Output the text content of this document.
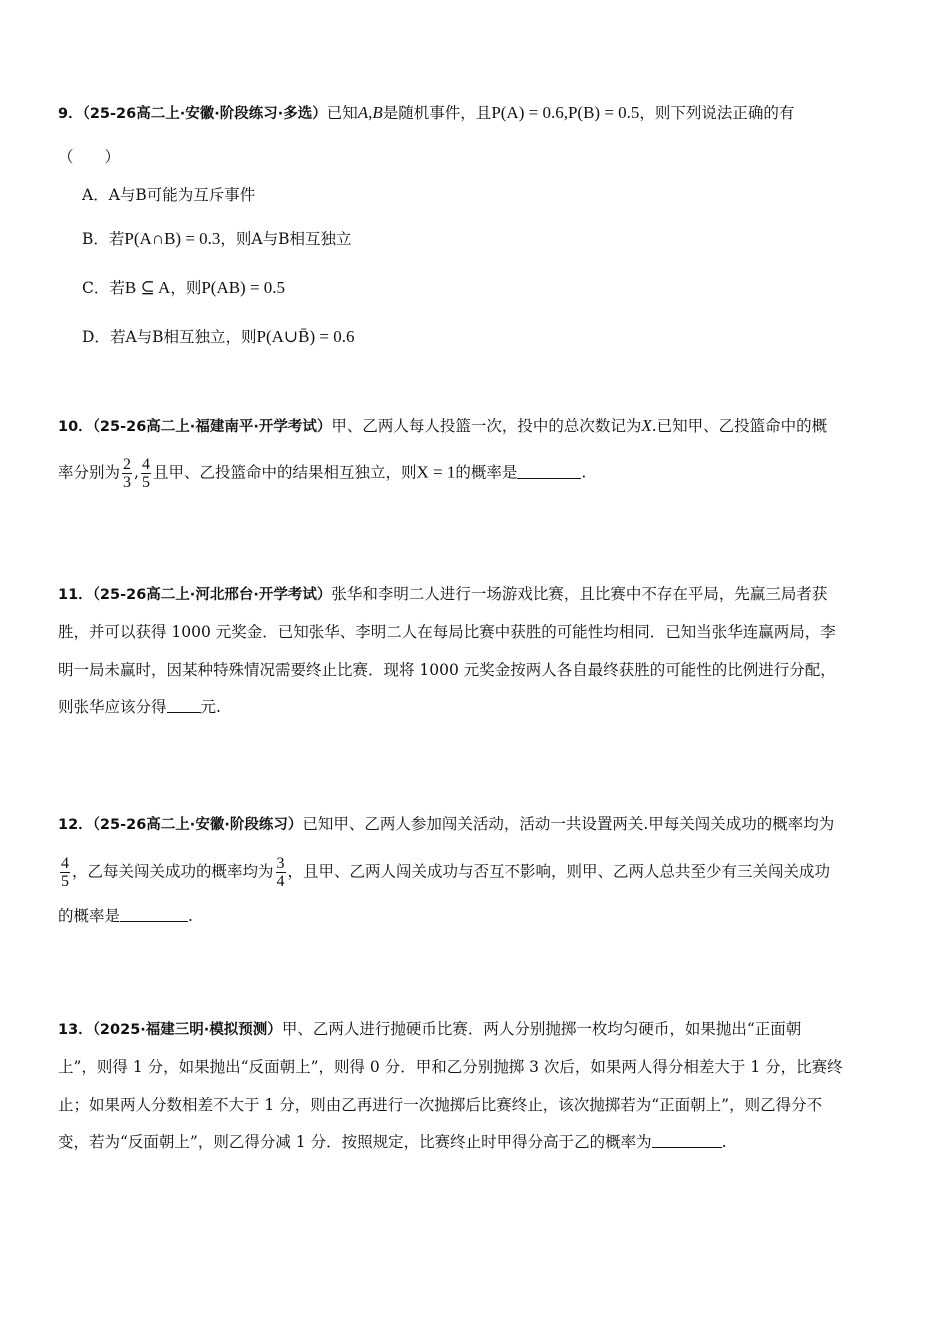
9．（25-26高二上·安徽·阶段练习·多选）已知A,B是随机事件，且P(A) = 0.6,P(B) = 0.5，则下列说法正确的有
（　　）
A．A与B可能为互斥事件
B．若P(A∩B) = 0.3，则A与B相互独立
C．若B ⊆ A，则P(AB) = 0.5
D．若A与B相互独立，则P(A∪B̄) = 0.6
10．（25-26高二上·福建南平·开学考试）甲、乙两人每人投篮一次，投中的总次数记为X.已知甲、乙投篮命中的概
率分别为 $\frac{2}{3}$ , $\frac{4}{5}$ 且甲、乙投篮命中的结果相互独立，则X = 1的概率是	.
11．（25-26高二上·河北邢台·开学考试）张华和李明二人进行一场游戏比赛，且比赛中不存在平局，先赢三局者获
胜，并可以获得 1000 元奖金．已知张华、李明二人在每局比赛中获胜的可能性均相同．已知当张华连赢两局，李
明一局未赢时，因某种特殊情况需要终止比赛．现将 1000 元奖金按两人各自最终获胜的可能性的比例进行分配，
则张华应该分得 元.
12．（25-26高二上·安徽·阶段练习）已知甲、乙两人参加闯关活动，活动一共设置两关.甲每关闯关成功的概率均为
$\frac{4}{5}$ ，乙每关闯关成功的概率均为 $\frac{3}{4}$ ，且甲、乙两人闯关成功与否互不影响，则甲、乙两人总共至少有三关闯关成功
的概率是	.
13．（2025·福建三明·模拟预测）甲、乙两人进行抛硬币比赛．两人分别抛掷一枚均匀硬币，如果抛出“正面朝
上”，则得 1 分，如果抛出“反面朝上”，则得 0 分．甲和乙分别抛掷 3 次后，如果两人得分相差大于 1 分，比赛终
止；如果两人分数相差不大于 1 分，则由乙再进行一次抛掷后比赛终止，该次抛掷若为“正面朝上”，则乙得分不
变，若为“反面朝上”，则乙得分减 1 分．按照规定，比赛终止时甲得分高于乙的概率为	.
